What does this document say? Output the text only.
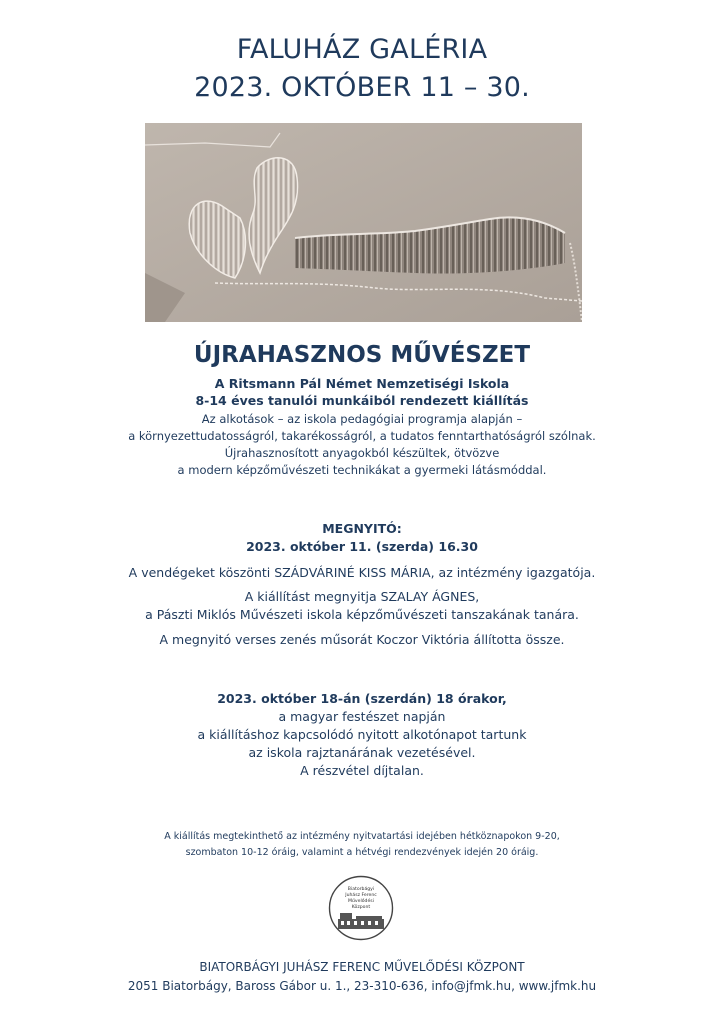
FALUHÁZ GALÉRIA
2023. OKTÓBER 11 – 30.
ÚJRAHASZNOS MŰVÉSZET
A Ritsmann Pál Német Nemzetiségi Iskola
8-14 éves tanulói munkáiból rendezett kiállítás
Az alkotások – az iskola pedagógiai programja alapján –
a környezettudatosságról, takarékosságról, a tudatos fenntarthatóságról szólnak.
Újrahasznosított anyagokból készültek, ötvözve
a modern képzőművészeti technikákat a gyermeki látásmóddal.
MEGNYITÓ:
2023. október 11. (szerda) 16.30
A vendégeket köszönti SZÁDVÁRINÉ KISS MÁRIA, az intézmény igazgatója.
A kiállítást megnyitja SZALAY ÁGNES,
a Pászti Miklós Művészeti iskola képzőművészeti tanszakának tanára.
A megnyitó verses zenés műsorát Koczor Viktória állította össze.
2023. október 18-án (szerdán) 18 órakor,
a magyar festészet napján
a kiállításhoz kapcsolódó nyitott alkotónapot tartunk
az iskola rajztanárának vezetésével.
A részvétel díjtalan.
A kiállítás megtekinthető az intézmény nyitvatartási idejében hétköznapokon 9-20,
szombaton 10-12 óráig, valamint a hétvégi rendezvények idején 20 óráig.
Biatorbágyi
Juhász Ferenc
Művelődési
Központ
BIATORBÁGYI JUHÁSZ FERENC MŰVELŐDÉSI KÖZPONT
2051 Biatorbágy, Baross Gábor u. 1., 23-310-636, info@jfmk.hu, www.jfmk.hu
